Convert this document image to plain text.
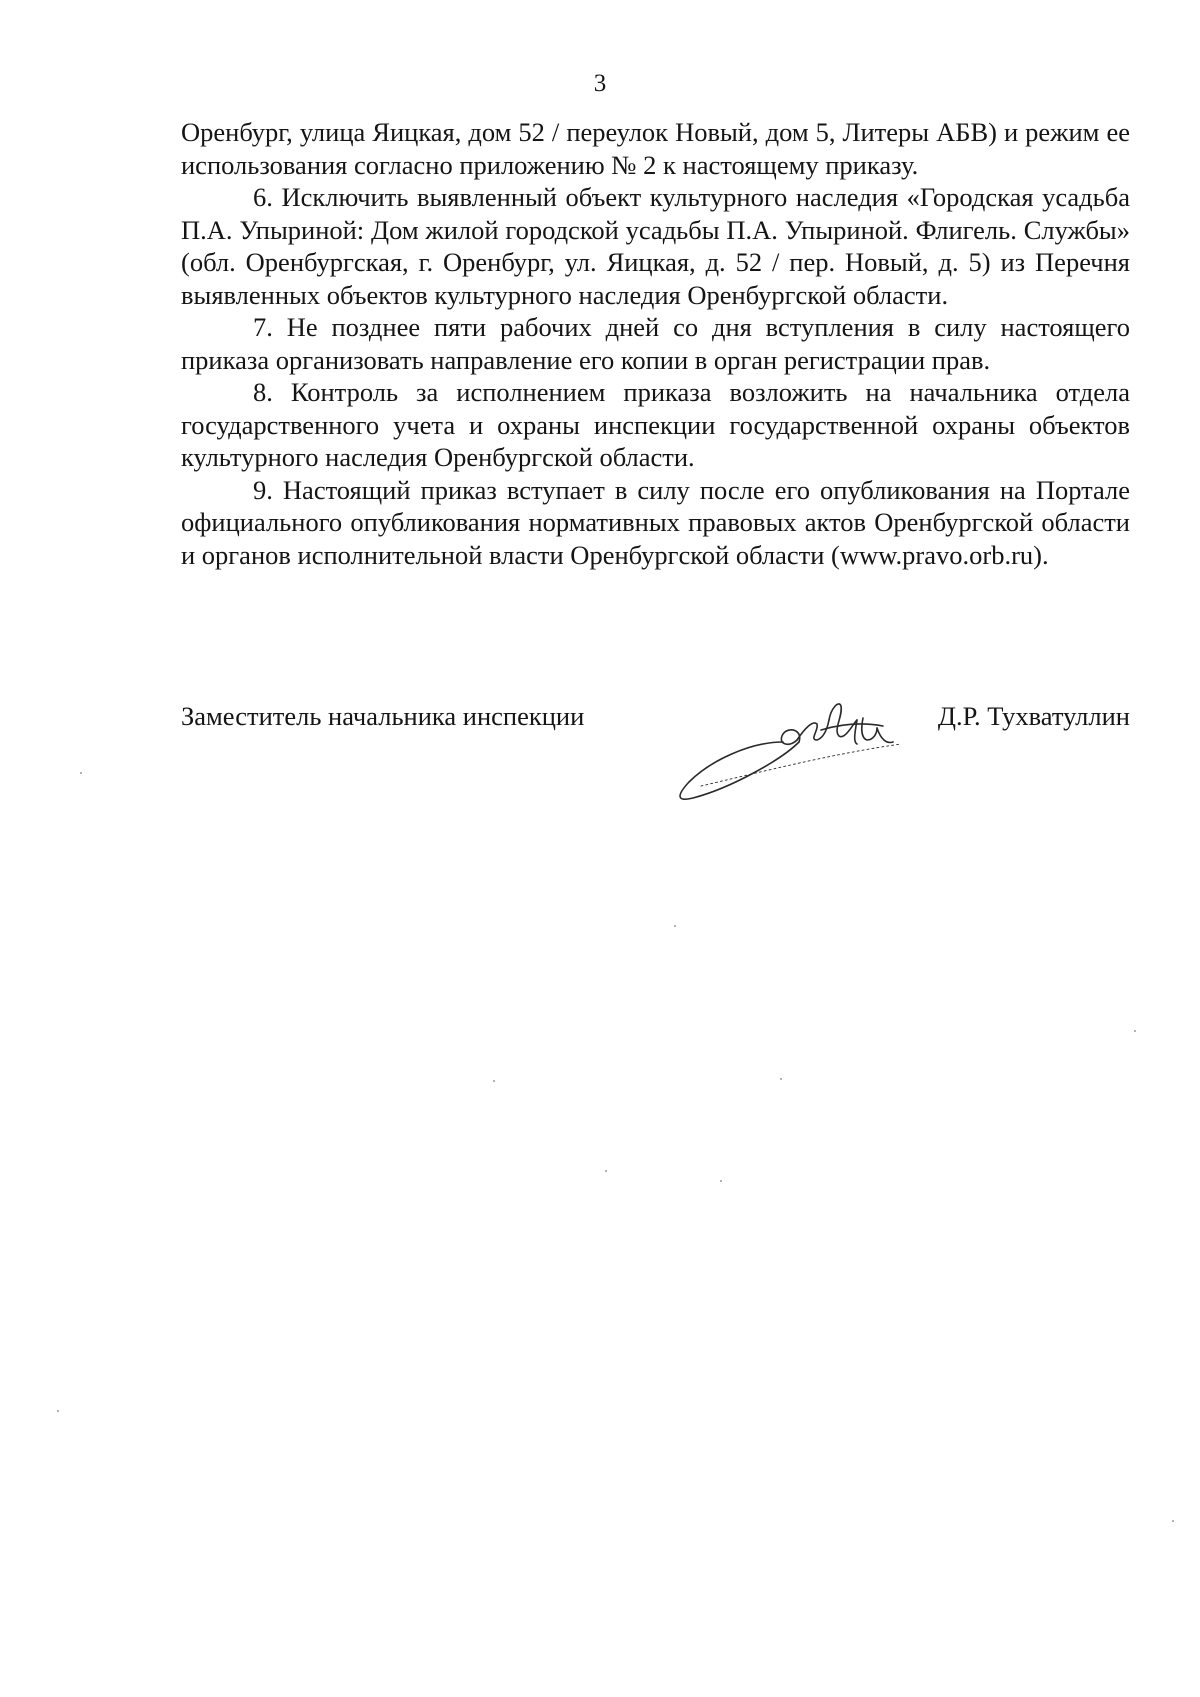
3

Оренбург, улица Яицкая, дом 52 / переулок Новый, дом 5, Литеры АБВ) и режим ее использования согласно приложению № 2 к настоящему приказу.

6. Исключить выявленный объект культурного наследия «Городская усадьба П.А. Упыриной: Дом жилой городской усадьбы П.А. Упыриной. Флигель. Службы» (обл. Оренбургская, г. Оренбург, ул. Яицкая, д. 52 / пер. Новый, д. 5) из Перечня выявленных объектов культурного наследия Оренбургской области.

7. Не позднее пяти рабочих дней со дня вступления в силу настоящего приказа организовать направление его копии в орган регистрации прав.

8. Контроль за исполнением приказа возложить на начальника отдела государственного учета и охраны инспекции государственной охраны объектов культурного наследия Оренбургской области.

9. Настоящий приказ вступает в силу после его опубликования на Портале официального опубликования нормативных правовых актов Оренбургской области и органов исполнительной власти Оренбургской области (www.pravo.orb.ru).

Заместитель начальника инспекции	Д.Р. Тухватуллин
